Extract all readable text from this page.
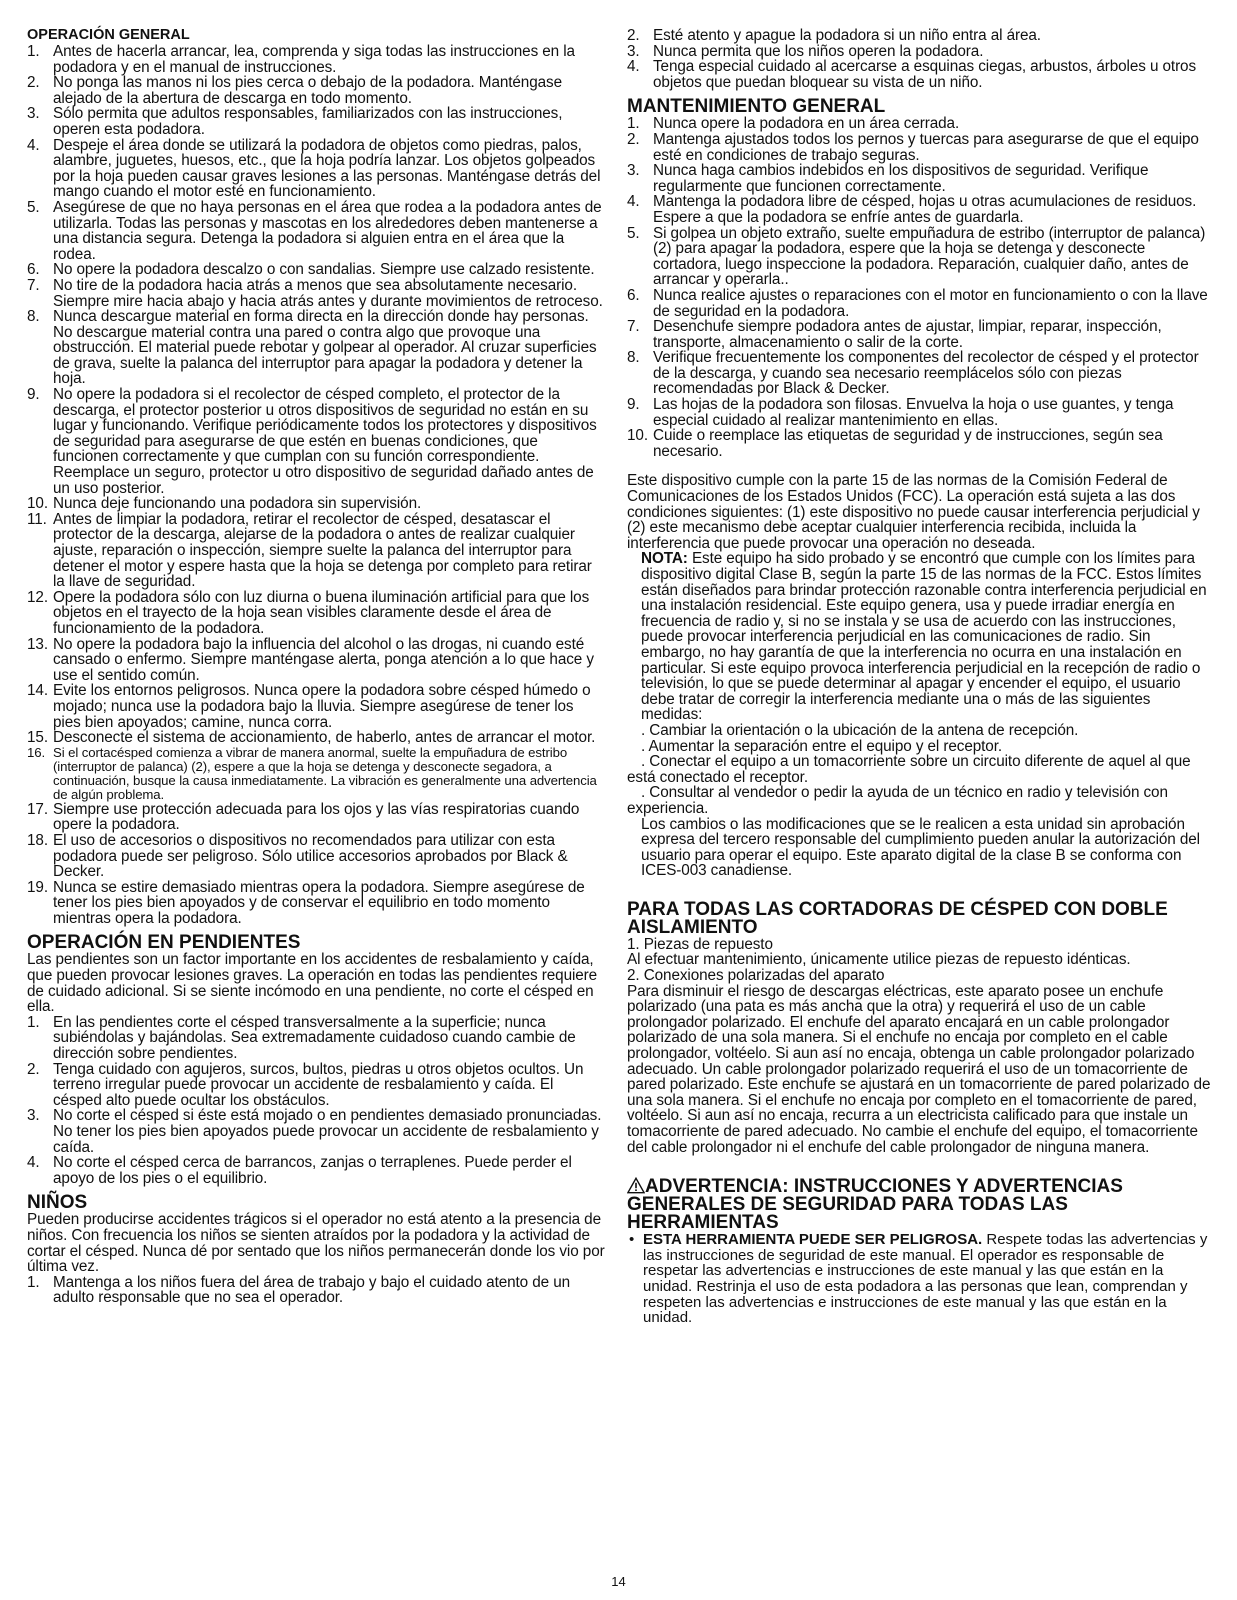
OPERACIÓN GENERAL
1. Antes de hacerla arrancar, lea, comprenda y siga todas las instrucciones en la podadora y en el manual de instrucciones.
2. No ponga las manos ni los pies cerca o debajo de la podadora. Manténgase alejado de la abertura de descarga en todo momento.
3. Sólo permita que adultos responsables, familiarizados con las instrucciones, operen esta podadora.
4. Despeje el área donde se utilizará la podadora de objetos como piedras, palos, alambre, juguetes, huesos, etc., que la hoja podría lanzar. Los objetos golpeados por la hoja pueden causar graves lesiones a las personas. Manténgase detrás del mango cuando el motor esté en funcionamiento.
5. Asegúrese de que no haya personas en el área que rodea a la podadora antes de utilizarla. Todas las personas y mascotas en los alrededores deben mantenerse a una distancia segura. Detenga la podadora si alguien entra en el área que la rodea.
6. No opere la podadora descalzo o con sandalias. Siempre use calzado resistente.
7. No tire de la podadora hacia atrás a menos que sea absolutamente necesario. Siempre mire hacia abajo y hacia atrás antes y durante movimientos de retroceso.
8. Nunca descargue material en forma directa en la dirección donde hay personas. No descargue material contra una pared o contra algo que provoque una obstrucción. El material puede rebotar y golpear al operador. Al cruzar superficies de grava, suelte la palanca del interruptor para apagar la podadora y detener la hoja.
9. No opere la podadora si el recolector de césped completo, el protector de la descarga, el protector posterior u otros dispositivos de seguridad no están en su lugar y funcionando. Verifique periódicamente todos los protectores y dispositivos de seguridad para asegurarse de que estén en buenas condiciones, que funcionen correctamente y que cumplan con su función correspondiente. Reemplace un seguro, protector u otro dispositivo de seguridad dañado antes de un uso posterior.
10. Nunca deje funcionando una podadora sin supervisión.
11. Antes de limpiar la podadora, retirar el recolector de césped, desatascar el protector de la descarga, alejarse de la podadora o antes de realizar cualquier ajuste, reparación o inspección, siempre suelte la palanca del interruptor para detener el motor y espere hasta que la hoja se detenga por completo para retirar la llave de seguridad.
12. Opere la podadora sólo con luz diurna o buena iluminación artificial para que los objetos en el trayecto de la hoja sean visibles claramente desde el área de funcionamiento de la podadora.
13. No opere la podadora bajo la influencia del alcohol o las drogas, ni cuando esté cansado o enfermo. Siempre manténgase alerta, ponga atención a lo que hace y use el sentido común.
14. Evite los entornos peligrosos. Nunca opere la podadora sobre césped húmedo o mojado; nunca use la podadora bajo la lluvia. Siempre asegúrese de tener los pies bien apoyados; camine, nunca corra.
15. Desconecte el sistema de accionamiento, de haberlo, antes de arrancar el motor.
16. Si el cortacésped comienza a vibrar de manera anormal, suelte la empuñadura de estribo (interruptor de palanca) (2), espere a que la hoja se detenga y desconecte segadora, a continuación, busque la causa inmediatamente. La vibración es generalmente una advertencia de algún problema.
17. Siempre use protección adecuada para los ojos y las vías respiratorias cuando opere la podadora.
18. El uso de accesorios o dispositivos no recomendados para utilizar con esta podadora puede ser peligroso. Sólo utilice accesorios aprobados por Black & Decker.
19. Nunca se estire demasiado mientras opera la podadora. Siempre asegúrese de tener los pies bien apoyados y de conservar el equilibrio en todo momento mientras opera la podadora.
OPERACIÓN EN PENDIENTES

Las pendientes son un factor importante en los accidentes de resbalamiento y caída, que pueden provocar lesiones graves. La operación en todas las pendientes requiere de cuidado adicional. Si se siente incómodo en una pendiente, no corte el césped en ella.

1. En las pendientes corte el césped transversalmente a la superficie; nunca subiéndolas y bajándolas. Sea extremadamente cuidadoso cuando cambie de dirección sobre pendientes.
2. Tenga cuidado con agujeros, surcos, bultos, piedras u otros objetos ocultos. Un terreno irregular puede provocar un accidente de resbalamiento y caída. El césped alto puede ocultar los obstáculos.
3. No corte el césped si éste está mojado o en pendientes demasiado pronunciadas. No tener los pies bien apoyados puede provocar un accidente de resbalamiento y caída.
4. No corte el césped cerca de barrancos, zanjas o terraplenes. Puede perder el apoyo de los pies o el equilibrio.
NIÑOS

Pueden producirse accidentes trágicos si el operador no está atento a la presencia de niños. Con frecuencia los niños se sienten atraídos por la podadora y la actividad de cortar el césped. Nunca dé por sentado que los niños permanecerán donde los vio por última vez.

1. Mantenga a los niños fuera del área de trabajo y bajo el cuidado atento de un adulto responsable que no sea el operador.
2. Esté atento y apague la podadora si un niño entra al área.
3. Nunca permita que los niños operen la podadora.
4. Tenga especial cuidado al acercarse a esquinas ciegas, arbustos, árboles u otros objetos que puedan bloquear su vista de un niño.
MANTENIMIENTO GENERAL
1. Nunca opere la podadora en un área cerrada.
2. Mantenga ajustados todos los pernos y tuercas para asegurarse de que el equipo esté en condiciones de trabajo seguras.
3. Nunca haga cambios indebidos en los dispositivos de seguridad. Verifique regularmente que funcionen correctamente.
4. Mantenga la podadora libre de césped, hojas u otras acumulaciones de residuos. Espere a que la podadora se enfríe antes de guardarla.
5. Si golpea un objeto extraño, suelte empuñadura de estribo (interruptor de palanca) (2) para apagar la podadora, espere que la hoja se detenga y desconecte cortadora, luego inspeccione la podadora. Reparación, cualquier daño, antes de arrancar y operarla..
6. Nunca realice ajustes o reparaciones con el motor en funcionamiento o con la llave de seguridad en la podadora.
7. Desenchufe siempre podadora antes de ajustar, limpiar, reparar, inspección, transporte, almacenamiento o salir de la corte.
8. Verifique frecuentemente los componentes del recolector de césped y el protector de la descarga, y cuando sea necesario reemplácelos sólo con piezas recomendadas por Black & Decker.
9. Las hojas de la podadora son filosas. Envuelva la hoja o use guantes, y tenga especial cuidado al realizar mantenimiento en ellas.
10. Cuide o reemplace las etiquetas de seguridad y de instrucciones, según sea necesario.

Este dispositivo cumple con la parte 15 de las normas de la Comisión Federal de Comunicaciones de los Estados Unidos (FCC). La operación está sujeta a las dos condiciones siguientes: (1) este dispositivo no puede causar interferencia perjudicial y (2) este mecanismo debe aceptar cualquier interferencia recibida, incluida la interferencia que puede provocar una operación no deseada.

NOTA: Este equipo ha sido probado y se encontró que cumple con los límites para dispositivo digital Clase B, según la parte 15 de las normas de la FCC. Estos límites están diseñados para brindar protección razonable contra interferencia perjudicial en una instalación residencial. Este equipo genera, usa y puede irradiar energía en frecuencia de radio y, si no se instala y se usa de acuerdo con las instrucciones, puede provocar interferencia perjudicial en las comunicaciones de radio. Sin embargo, no hay garantía de que la interferencia no ocurra en una instalación en particular. Si este equipo provoca interferencia perjudicial en la recepción de radio o televisión, lo que se puede determinar al apagar y encender el equipo, el usuario debe tratar de corregir la interferencia mediante una o más de las siguientes medidas:

. Cambiar la orientación o la ubicación de la antena de recepción.

. Aumentar la separación entre el equipo y el receptor.

. Conectar el equipo a un tomacorriente sobre un circuito diferente de aquel al que está conectado el receptor.

. Consultar al vendedor o pedir la ayuda de un técnico en radio y televisión con experiencia.

Los cambios o las modificaciones que se le realicen a esta unidad sin aprobación expresa del tercero responsable del cumplimiento pueden anular la autorización del usuario para operar el equipo. Este aparato digital de la clase B se conforma con ICES-003 canadiense.

PARA TODAS LAS CORTADORAS DE CÉSPED CON DOBLE AISLAMIENTO

1. Piezas de repuesto

Al efectuar mantenimiento, únicamente utilice piezas de repuesto idénticas.

2. Conexiones polarizadas del aparato

Para disminuir el riesgo de descargas eléctricas, este aparato posee un enchufe polarizado (una pata es más ancha que la otra) y requerirá el uso de un cable prolongador polarizado. El enchufe del aparato encajará en un cable prolongador polarizado de una sola manera. Si el enchufe no encaja por completo en el cable prolongador, voltéelo. Si aun así no encaja, obtenga un cable prolongador polarizado adecuado. Un cable prolongador polarizado requerirá el uso de un tomacorriente de pared polarizado. Este enchufe se ajustará en un tomacorriente de pared polarizado de una sola manera. Si el enchufe no encaja por completo en el tomacorriente de pared, voltéelo. Si aun así no encaja, recurra a un electricista calificado para que instale un tomacorriente de pared adecuado. No cambie el enchufe del equipo, el tomacorriente del cable prolongador ni el enchufe del cable prolongador de ninguna manera.

ADVERTENCIA: INSTRUCCIONES Y ADVERTENCIAS GENERALES DE SEGURIDAD PARA TODAS LAS HERRAMIENTAS
• ESTA HERRAMIENTA PUEDE SER PELIGROSA. Respete todas las advertencias y las instrucciones de seguridad de este manual. El operador es responsable de respetar las advertencias e instrucciones de este manual y las que están en la unidad. Restrinja el uso de esta podadora a las personas que lean, comprendan y respeten las advertencias e instrucciones de este manual y las que están en la unidad.
14
